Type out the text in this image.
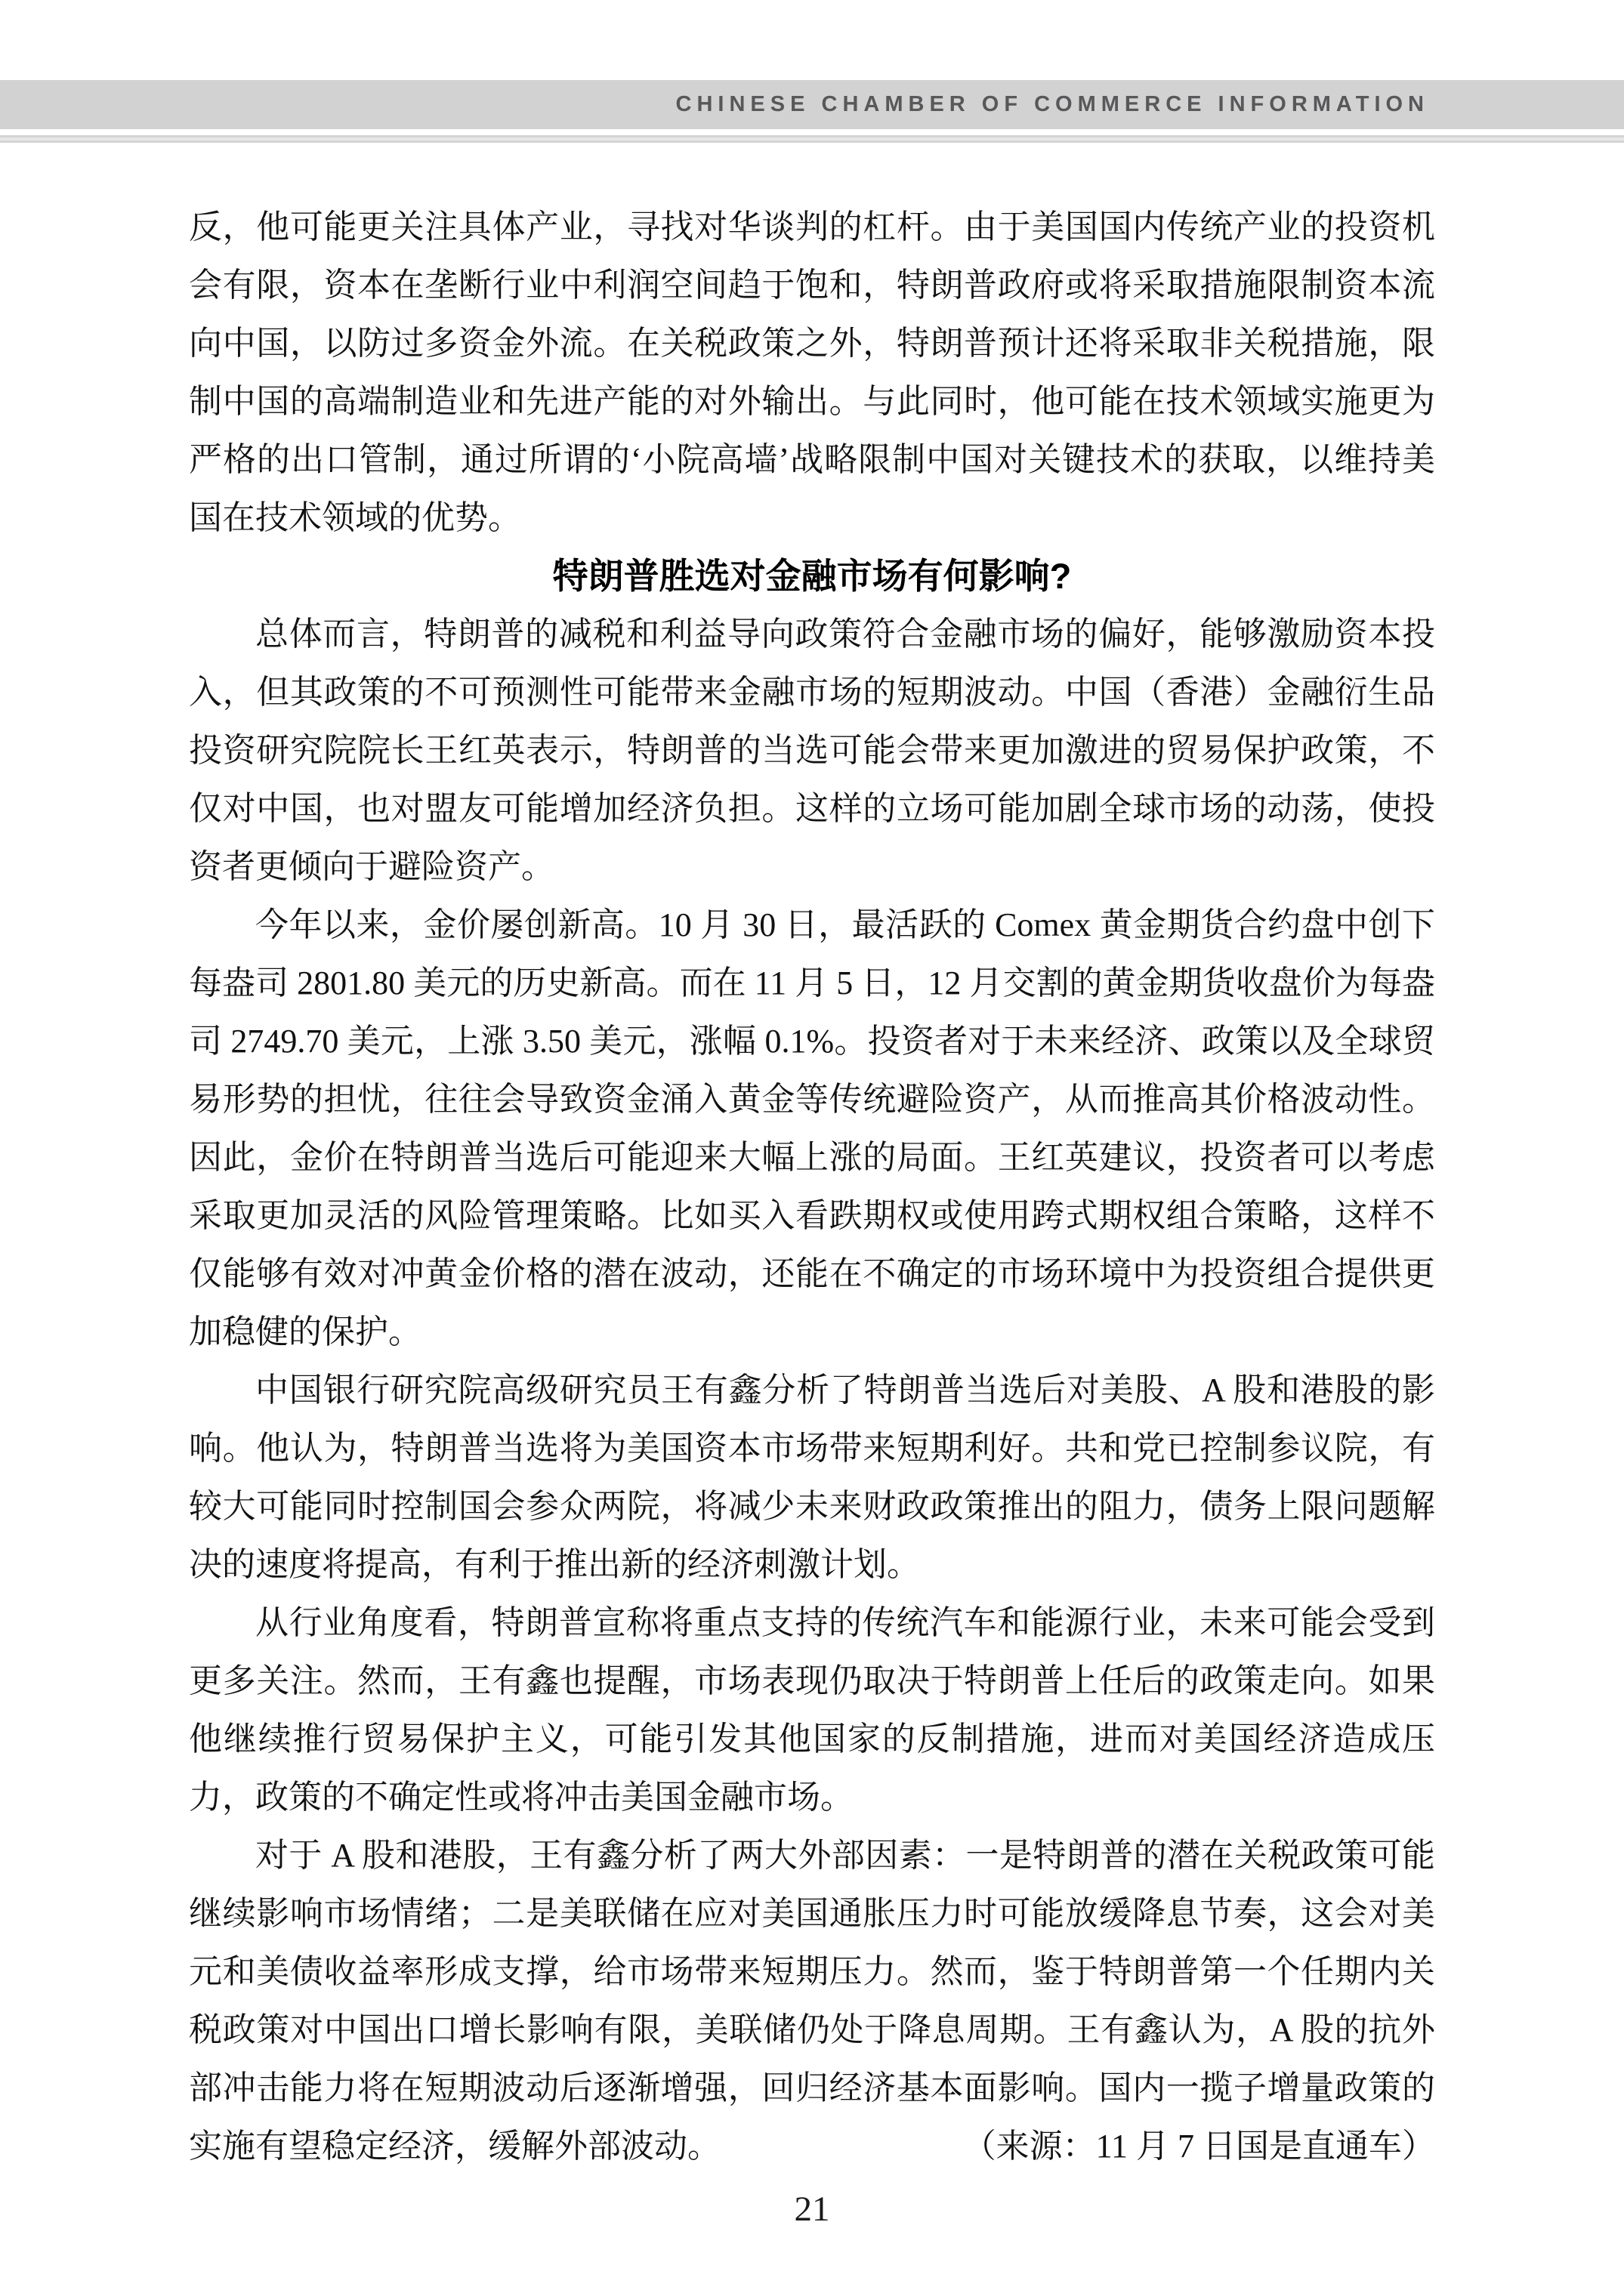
CHINESE CHAMBER OF COMMERCE INFORMATION

反，他可能更关注具体产业，寻找对华谈判的杠杆。由于美国国内传统产业的投资机会有限，资本在垄断行业中利润空间趋于饱和，特朗普政府或将采取措施限制资本流向中国，以防过多资金外流。在关税政策之外，特朗普预计还将采取非关税措施，限制中国的高端制造业和先进产能的对外输出。与此同时，他可能在技术领域实施更为严格的出口管制，通过所谓的‘小院高墙’战略限制中国对关键技术的获取，以维持美国在技术领域的优势。

特朗普胜选对金融市场有何影响?

总体而言，特朗普的减税和利益导向政策符合金融市场的偏好，能够激励资本投入，但其政策的不可预测性可能带来金融市场的短期波动。中国（香港）金融衍生品投资研究院院长王红英表示，特朗普的当选可能会带来更加激进的贸易保护政策，不仅对中国，也对盟友可能增加经济负担。这样的立场可能加剧全球市场的动荡，使投资者更倾向于避险资产。

今年以来，金价屡创新高。10 月 30 日，最活跃的 Comex 黄金期货合约盘中创下每盎司 2801.80 美元的历史新高。而在 11 月 5 日，12 月交割的黄金期货收盘价为每盎司 2749.70 美元，上涨 3.50 美元，涨幅 0.1%。投资者对于未来经济、政策以及全球贸易形势的担忧，往往会导致资金涌入黄金等传统避险资产，从而推高其价格波动性。因此，金价在特朗普当选后可能迎来大幅上涨的局面。王红英建议，投资者可以考虑采取更加灵活的风险管理策略。比如买入看跌期权或使用跨式期权组合策略，这样不仅能够有效对冲黄金价格的潜在波动，还能在不确定的市场环境中为投资组合提供更加稳健的保护。

中国银行研究院高级研究员王有鑫分析了特朗普当选后对美股、A 股和港股的影响。他认为，特朗普当选将为美国资本市场带来短期利好。共和党已控制参议院，有较大可能同时控制国会参众两院，将减少未来财政政策推出的阻力，债务上限问题解决的速度将提高，有利于推出新的经济刺激计划。

从行业角度看，特朗普宣称将重点支持的传统汽车和能源行业，未来可能会受到更多关注。然而，王有鑫也提醒，市场表现仍取决于特朗普上任后的政策走向。如果他继续推行贸易保护主义，可能引发其他国家的反制措施，进而对美国经济造成压力，政策的不确定性或将冲击美国金融市场。

对于 A 股和港股，王有鑫分析了两大外部因素：一是特朗普的潜在关税政策可能继续影响市场情绪；二是美联储在应对美国通胀压力时可能放缓降息节奏，这会对美元和美债收益率形成支撑，给市场带来短期压力。然而，鉴于特朗普第一个任期内关税政策对中国出口增长影响有限，美联储仍处于降息周期。王有鑫认为，A 股的抗外部冲击能力将在短期波动后逐渐增强，回归经济基本面影响。国内一揽子增量政策的实施有望稳定经济，缓解外部波动。	（来源：11 月 7 日国是直通车）

21
